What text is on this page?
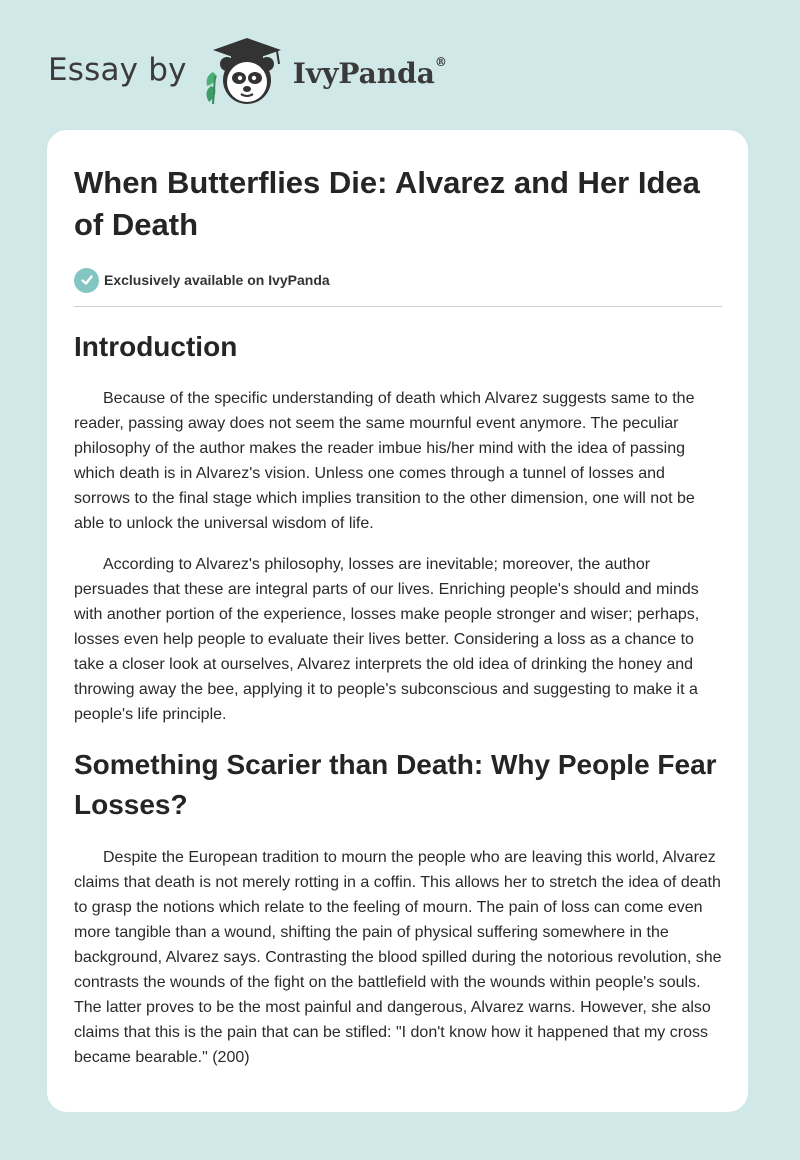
Essay by	IvyPanda®
When Butterflies Die: Alvarez and Her Idea of Death
Exclusively available on IvyPanda
Introduction

Because of the specific understanding of death which Alvarez suggests same to the reader, passing away does not seem the same mournful event anymore. The peculiar philosophy of the author makes the reader imbue his/her mind with the idea of passing which death is in Alvarez's vision. Unless one comes through a tunnel of losses and sorrows to the final stage which implies transition to the other dimension, one will not be able to unlock the universal wisdom of life.

According to Alvarez's philosophy, losses are inevitable; moreover, the author persuades that these are integral parts of our lives. Enriching people's should and minds with another portion of the experience, losses make people stronger and wiser; perhaps, losses even help people to evaluate their lives better. Considering a loss as a chance to take a closer look at ourselves, Alvarez interprets the old idea of drinking the honey and throwing away the bee, applying it to people's subconscious and suggesting to make it a people's life principle.

Something Scarier than Death: Why People Fear Losses?

Despite the European tradition to mourn the people who are leaving this world, Alvarez claims that death is not merely rotting in a coffin. This allows her to stretch the idea of death to grasp the notions which relate to the feeling of mourn. The pain of loss can come even more tangible than a wound, shifting the pain of physical suffering somewhere in the background, Alvarez says. Contrasting the blood spilled during the notorious revolution, she contrasts the wounds of the fight on the battlefield with the wounds within people's souls. The latter proves to be the most painful and dangerous, Alvarez warns. However, she also claims that this is the pain that can be stifled: "I don't know how it happened that my cross became bearable." (200)
